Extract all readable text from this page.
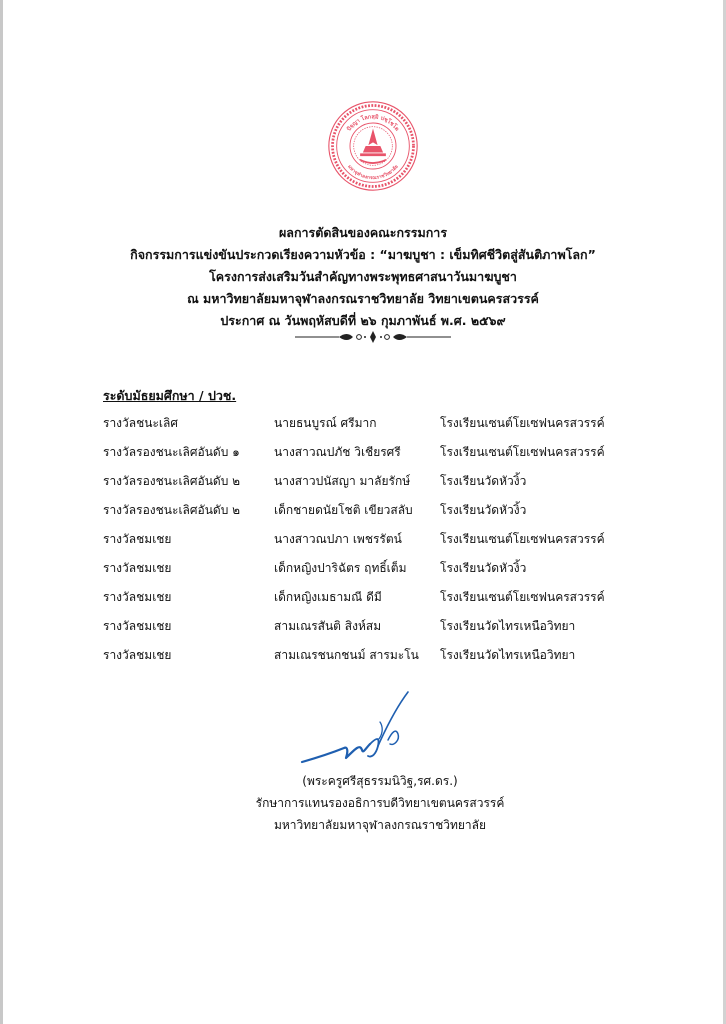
ปัจฺญา โลกสฺมิ ปชฺโชโต
มหาจุฬาลงกรณราชวิทยาลัย
ผลการตัดสินของคณะกรรมการ
กิจกรรมการแข่งขันประกวดเรียงความหัวข้อ : “มาฆบูชา : เข็มทิศชีวิตสู่สันติภาพโลก”
โครงการส่งเสริมวันสำคัญทางพระพุทธศาสนาวันมาฆบูชา
ณ มหาวิทยาลัยมหาจุฬาลงกรณราชวิทยาลัย วิทยาเขตนครสวรรค์
ประกาศ ณ วันพฤหัสบดีที่ ๒๖ กุมภาพันธ์ พ.ศ. ๒๕๖๙
ระดับมัธยมศึกษา / ปวช.
รางวัลชนะเลิศ	นายธนบูรณ์ ศรีมาก	โรงเรียนเซนต์โยเซฟนครสวรรค์
รางวัลรองชนะเลิศอันดับ ๑	นางสาวณปภัช วิเชียรศรี	โรงเรียนเซนต์โยเซฟนครสวรรค์
รางวัลรองชนะเลิศอันดับ ๒	นางสาวปนัสญา มาลัยรักษ์ โรงเรียนวัดหัวงิ้ว
รางวัลรองชนะเลิศอันดับ ๒	เด็กชายดนัยโชติ เขียวสลับ โรงเรียนวัดหัวงิ้ว
รางวัลชมเชย	นางสาวณปภา เพชรรัตน์	โรงเรียนเซนต์โยเซฟนครสวรรค์
รางวัลชมเชย	เด็กหญิงปาริฉัตร ฤทธิ์เต็ม	โรงเรียนวัดหัวงิ้ว
รางวัลชมเชย	เด็กหญิงเมธามณี ดีมี	โรงเรียนเซนต์โยเซฟนครสวรรค์
รางวัลชมเชย	สามเณรสันติ สิงห์สม	โรงเรียนวัดไทรเหนือวิทยา
รางวัลชมเชย	สามเณรชนกชนม์ สารมะโน โรงเรียนวัดไทรเหนือวิทยา
(พระครูศรีสุธรรมนิวิฐ,รศ.ดร.)
รักษาการแทนรองอธิการบดีวิทยาเขตนครสวรรค์
มหาวิทยาลัยมหาจุฬาลงกรณราชวิทยาลัย
